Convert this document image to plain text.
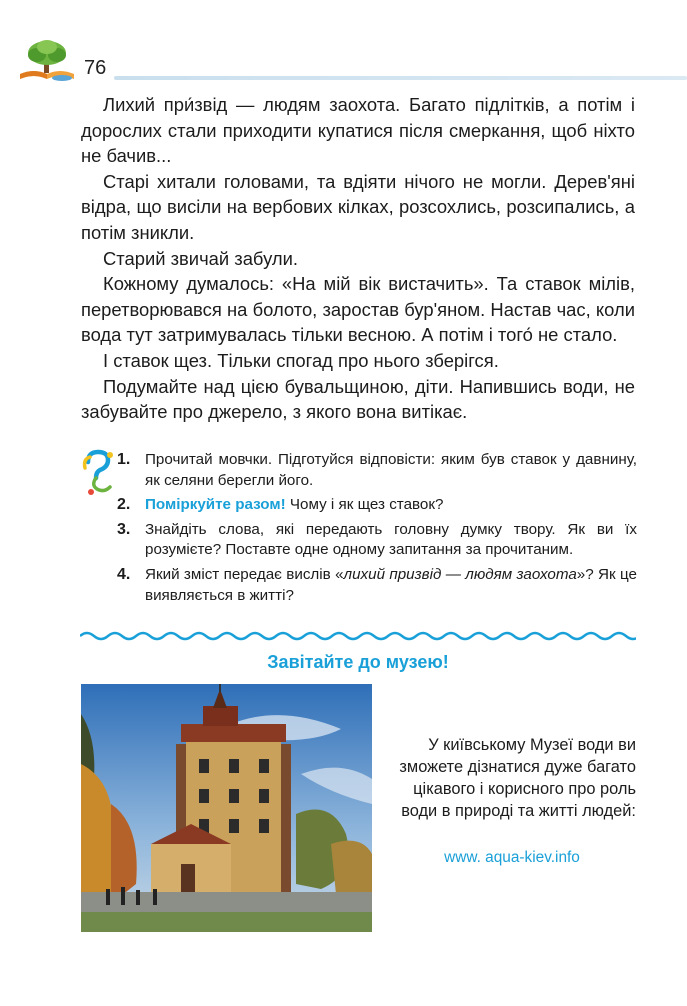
76

Лихий при́звід — людям заохота. Багато підлітків, а потім і дорослих стали приходити купатися після смеркання, щоб ніхто не бачив...

Старі хитали головами, та вдіяти нічого не могли. Дерев'яні відра, що висіли на вербових кілках, розсохлись, розсипались, а потім зникли.

Старий звичай забули.

Кожному думалось: «На мій вік вистачить». Та ставок мілів, перетворювався на болото, заростав бур'яном. Настав час, коли вода тут затримувалась тільки весною. А потім і того́ не стало.

І ставок щез. Тільки спогад про нього зберігся.

Подумайте над цією бувальщиною, діти. Напившись води, не забувайте про джерело, з якого вона витікає.

1. Прочитай мовчки. Підготуйся відповісти: яким був ставок у давнину, як селяни берегли його.
2. Поміркуйте разом! Чому і як щез ставок?
3. Знайдіть слова, які передають головну думку твору. Як ви їх розумієте? Поставте одне одному запитання за прочитаним.
4. Який зміст передає вислів «лихий призвід — людям заохота»? Як це виявляється в житті?
Завітайте до музею!
У київському Музеї води ви зможете дізнатися дуже багато цікавого і корисного про роль води в природі та житті людей:
www. aqua-kiev.info
